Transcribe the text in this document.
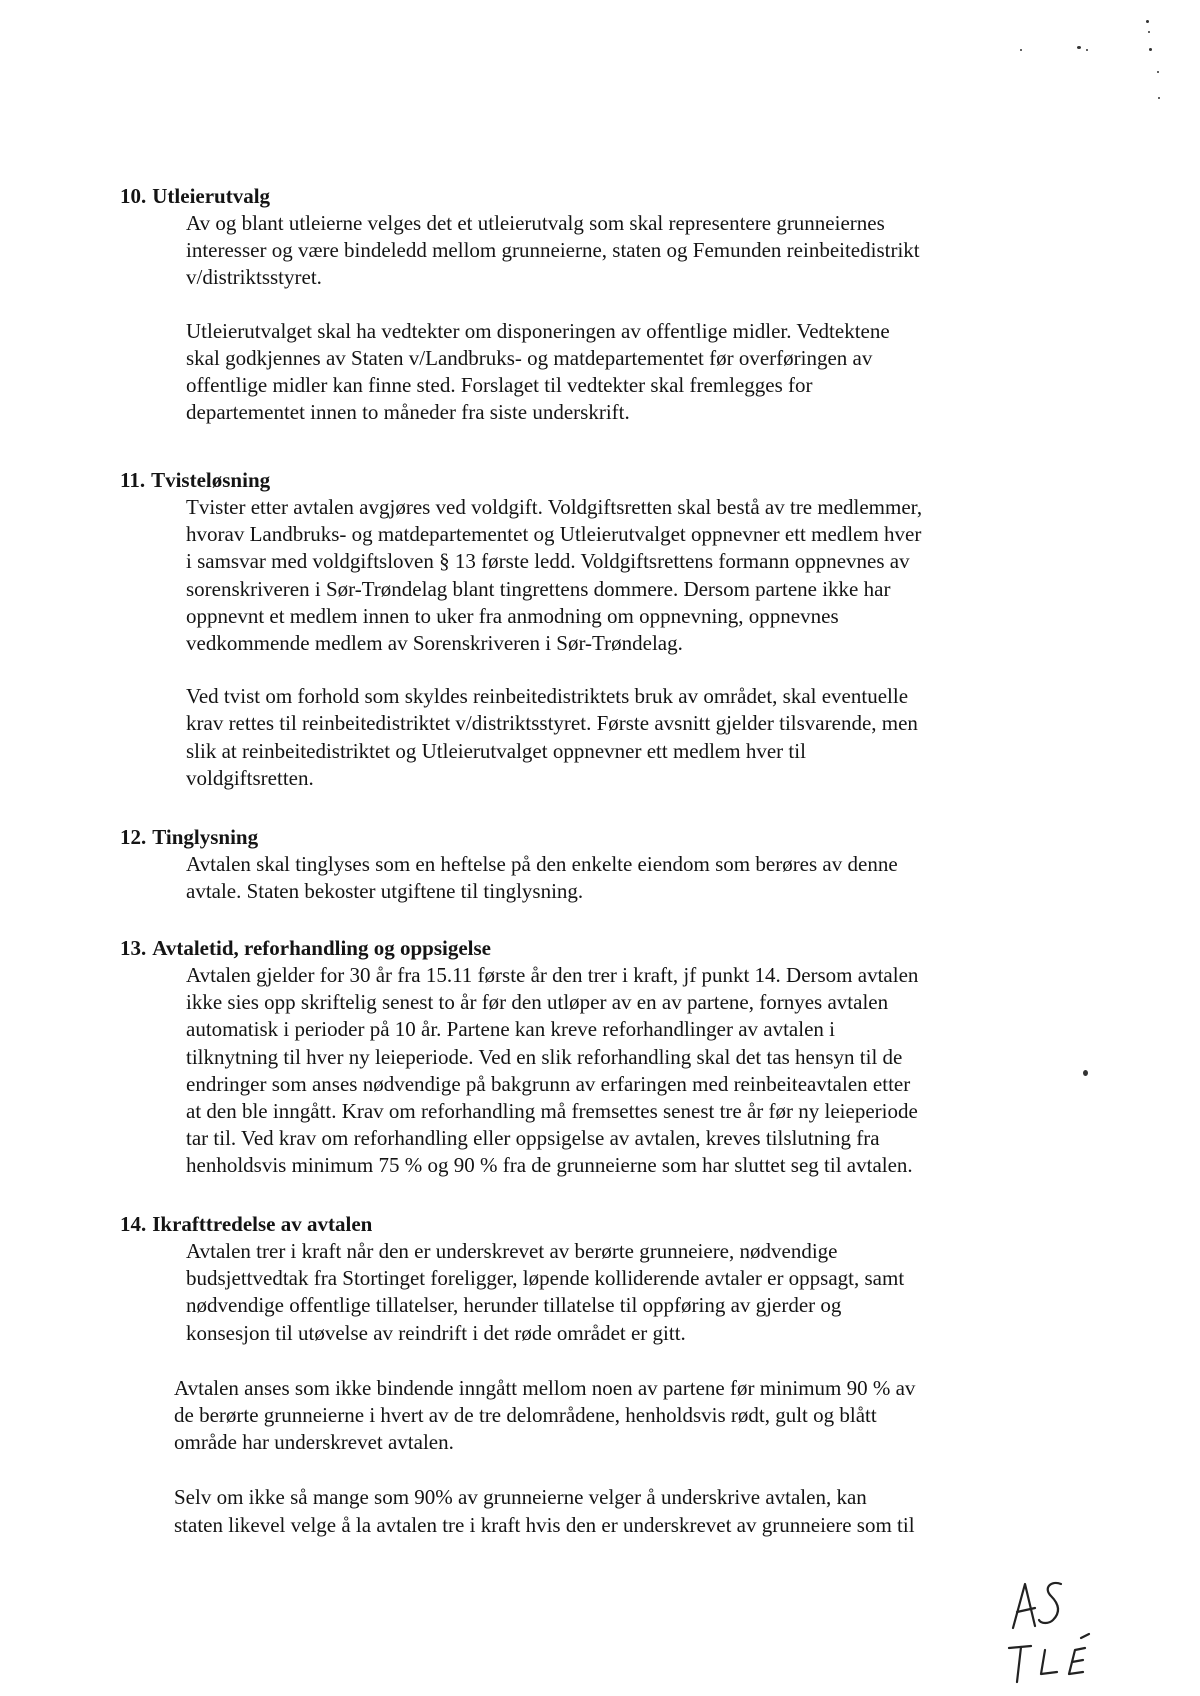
10. Utleierutvalg

Av og blant utleierne velges det et utleierutvalg som skal representere grunneiernes
interesser og være bindeledd mellom grunneierne, staten og Femunden reinbeitedistrikt
v/distriktsstyret.

Utleierutvalget skal ha vedtekter om disponeringen av offentlige midler. Vedtektene
skal godkjennes av Staten v/Landbruks- og matdepartementet før overføringen av
offentlige midler kan finne sted. Forslaget til vedtekter skal fremlegges for
departementet innen to måneder fra siste underskrift.

11. Tvisteløsning

Tvister etter avtalen avgjøres ved voldgift. Voldgiftsretten skal bestå av tre medlemmer,
hvorav Landbruks- og matdepartementet og Utleierutvalget oppnevner ett medlem hver
i samsvar med voldgiftsloven § 13 første ledd. Voldgiftsrettens formann oppnevnes av
sorenskriveren i Sør-Trøndelag blant tingrettens dommere. Dersom partene ikke har
oppnevnt et medlem innen to uker fra anmodning om oppnevning, oppnevnes
vedkommende medlem av Sorenskriveren i Sør-Trøndelag.

Ved tvist om forhold som skyldes reinbeitedistriktets bruk av området, skal eventuelle
krav rettes til reinbeitedistriktet v/distriktsstyret. Første avsnitt gjelder tilsvarende, men
slik at reinbeitedistriktet og Utleierutvalget oppnevner ett medlem hver til
voldgiftsretten.

12. Tinglysning

Avtalen skal tinglyses som en heftelse på den enkelte eiendom som berøres av denne
avtale. Staten bekoster utgiftene til tinglysning.

13. Avtaletid, reforhandling og oppsigelse

Avtalen gjelder for 30 år fra 15.11 første år den trer i kraft, jf punkt 14. Dersom avtalen
ikke sies opp skriftelig senest to år før den utløper av en av partene, fornyes avtalen
automatisk i perioder på 10 år. Partene kan kreve reforhandlinger av avtalen i
tilknytning til hver ny leieperiode. Ved en slik reforhandling skal det tas hensyn til de
endringer som anses nødvendige på bakgrunn av erfaringen med reinbeiteavtalen etter
at den ble inngått. Krav om reforhandling må fremsettes senest tre år før ny leieperiode
tar til. Ved krav om reforhandling eller oppsigelse av avtalen, kreves tilslutning fra
henholdsvis minimum 75 % og 90 % fra de grunneierne som har sluttet seg til avtalen.

14. Ikrafttredelse av avtalen

Avtalen trer i kraft når den er underskrevet av berørte grunneiere, nødvendige
budsjettvedtak fra Stortinget foreligger, løpende kolliderende avtaler er oppsagt, samt
nødvendige offentlige tillatelser, herunder tillatelse til oppføring av gjerder og
konsesjon til utøvelse av reindrift i det røde området er gitt.

Avtalen anses som ikke bindende inngått mellom noen av partene før minimum 90 % av
de berørte grunneierne i hvert av de tre delområdene, henholdsvis rødt, gult og blått
område har underskrevet avtalen.

Selv om ikke så mange som 90% av grunneierne velger å underskrive avtalen, kan
staten likevel velge å la avtalen tre i kraft hvis den er underskrevet av grunneiere som til
